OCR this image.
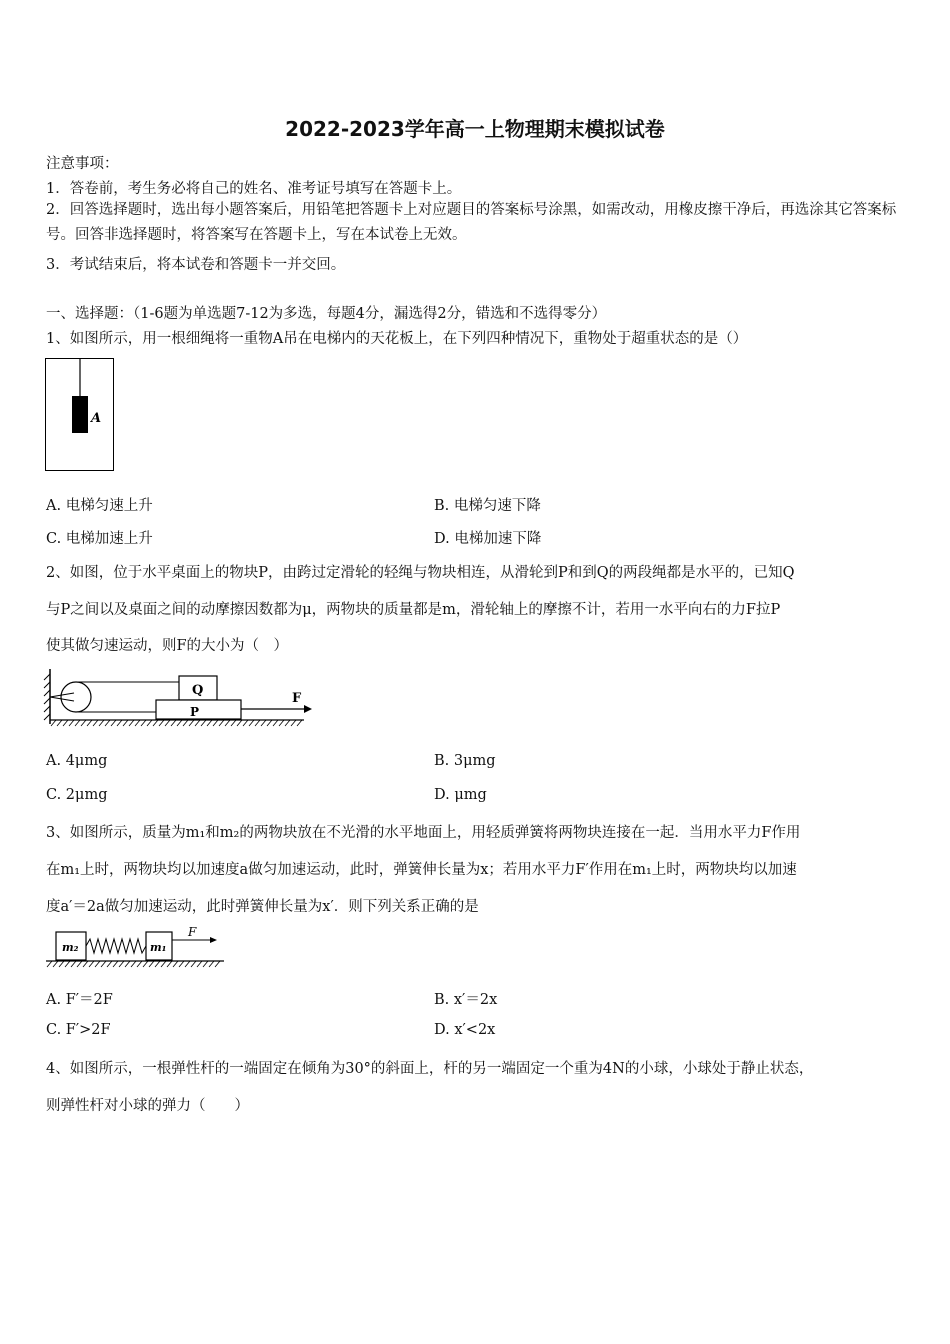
2022-2023学年高一上物理期末模拟试卷
注意事项：
1．答卷前，考生务必将自己的姓名、准考证号填写在答题卡上。
2．回答选择题时，选出每小题答案后，用铅笔把答题卡上对应题目的答案标号涂黑，如需改动，用橡皮擦干净后，再选涂其它答案标号。回答非选择题时，将答案写在答题卡上，写在本试卷上无效。
3．考试结束后，将本试卷和答题卡一并交回。
一、选择题：（1-6题为单选题7-12为多选，每题4分，漏选得2分，错选和不选得零分）
1、如图所示，用一根细绳将一重物A吊在电梯内的天花板上，在下列四种情况下，重物处于超重状态的是（）
A
A. 电梯匀速上升	B. 电梯匀速下降
C. 电梯加速上升	D. 电梯加速下降
2、如图，位于水平桌面上的物块P，由跨过定滑轮的轻绳与物块相连，从滑轮到P和到Q的两段绳都是水平的，已知Q
与P之间以及桌面之间的动摩擦因数都为μ，两物块的质量都是m，滑轮轴上的摩擦不计，若用一水平向右的力F拉P
使其做匀速运动，则F的大小为（　）
Q
P
F
A. 4μmg	B. 3μmg
C. 2μmg	D. μmg
3、如图所示，质量为m₁和m₂的两物块放在不光滑的水平地面上，用轻质弹簧将两物块连接在一起．当用水平力F作用
在m₁上时，两物块均以加速度a做匀加速运动，此时，弹簧伸长量为x；若用水平力F′作用在m₁上时，两物块均以加速
度a′＝2a做匀加速运动，此时弹簧伸长量为x′．则下列关系正确的是
m₂	m₁
F
A. F′＝2F	B. x′＝2x
C. F′>2F	D. x′<2x
4、如图所示，一根弹性杆的一端固定在倾角为30°的斜面上，杆的另一端固定一个重为4N的小球，小球处于静止状态，
则弹性杆对小球的弹力（　　）
